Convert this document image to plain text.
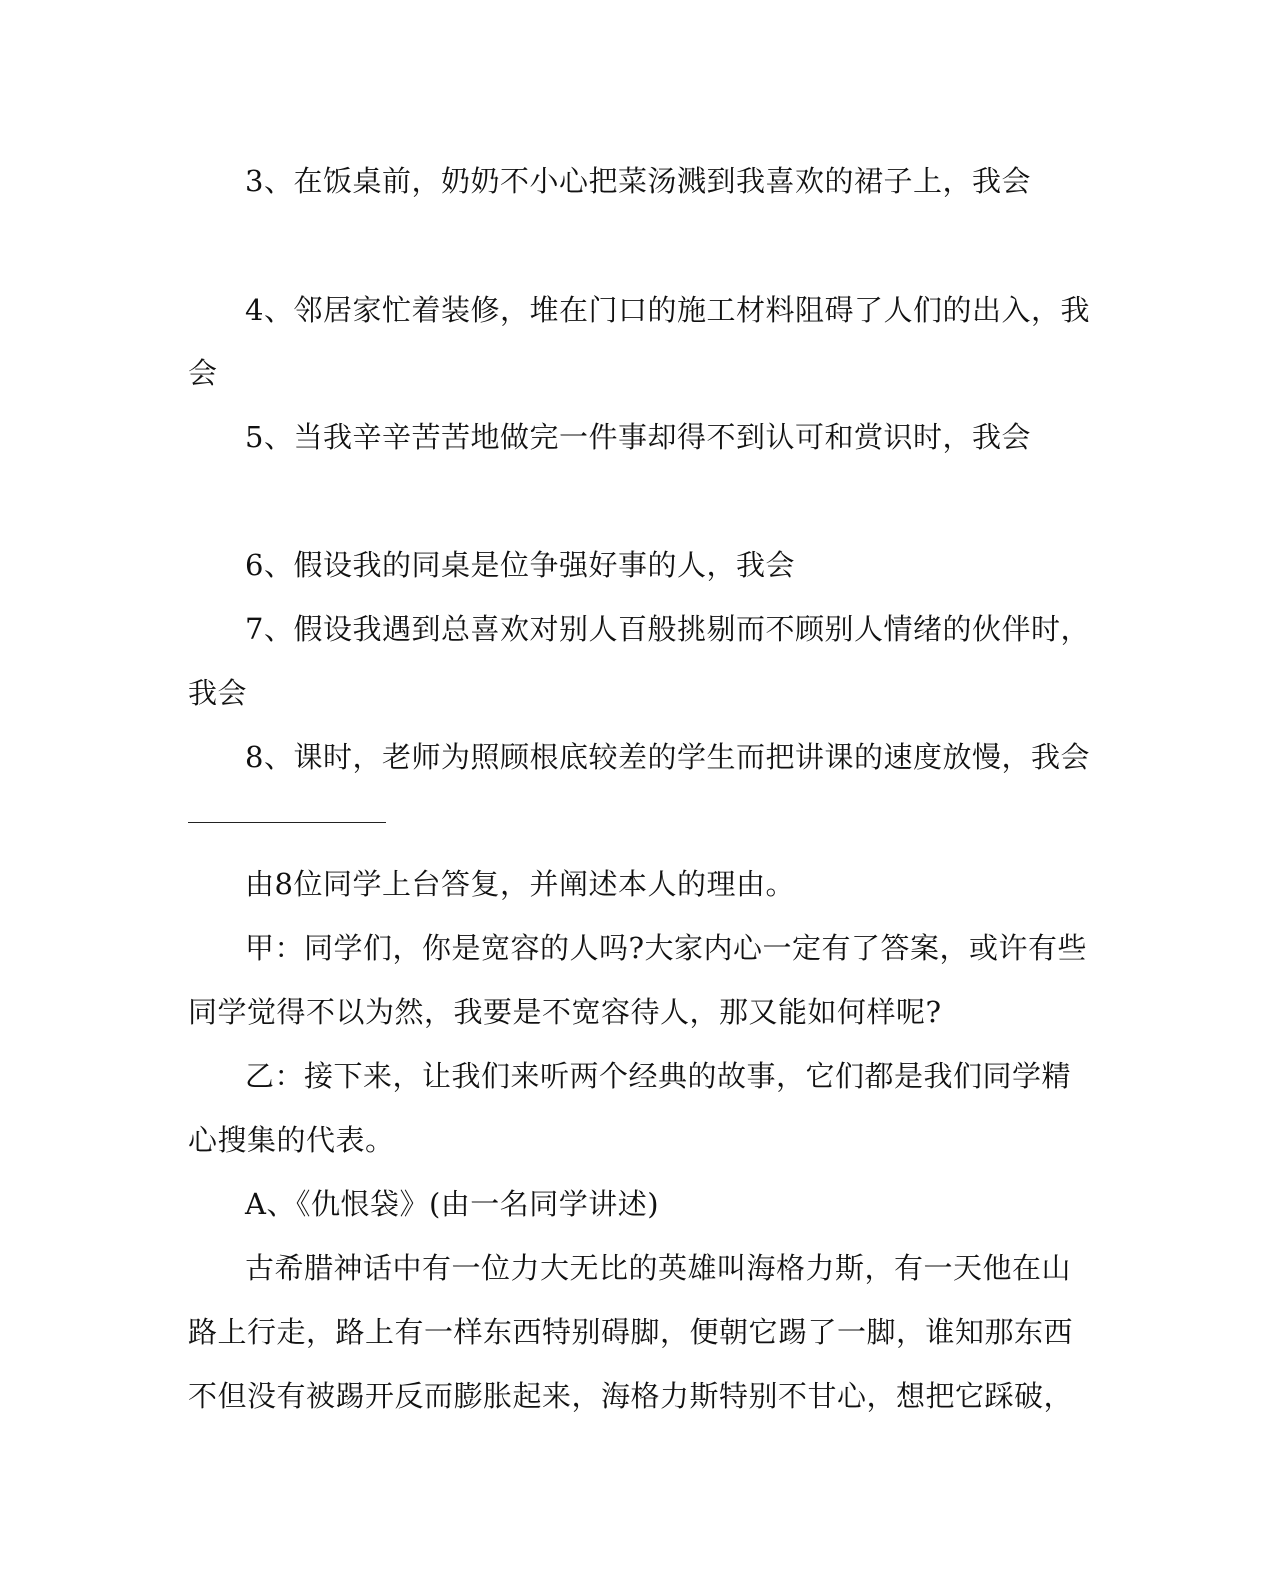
3、在饭桌前，奶奶不小心把菜汤溅到我喜欢的裙子上，我会
4、邻居家忙着装修，堆在门口的施工材料阻碍了人们的出入，我
会
5、当我辛辛苦苦地做完一件事却得不到认可和赏识时，我会
6、假设我的同桌是位争强好事的人，我会
7、假设我遇到总喜欢对别人百般挑剔而不顾别人情绪的伙伴时，
我会
8、课时，老师为照顾根底较差的学生而把讲课的速度放慢，我会
由8位同学上台答复，并阐述本人的理由。
甲：同学们，你是宽容的人吗?大家内心一定有了答案，或许有些
同学觉得不以为然，我要是不宽容待人，那又能如何样呢?
乙：接下来，让我们来听两个经典的故事，它们都是我们同学精
心搜集的代表。
A、《仇恨袋》(由一名同学讲述)
古希腊神话中有一位力大无比的英雄叫海格力斯，有一天他在山
路上行走，路上有一样东西特别碍脚，便朝它踢了一脚，谁知那东西
不但没有被踢开反而膨胀起来，海格力斯特别不甘心，想把它踩破，
